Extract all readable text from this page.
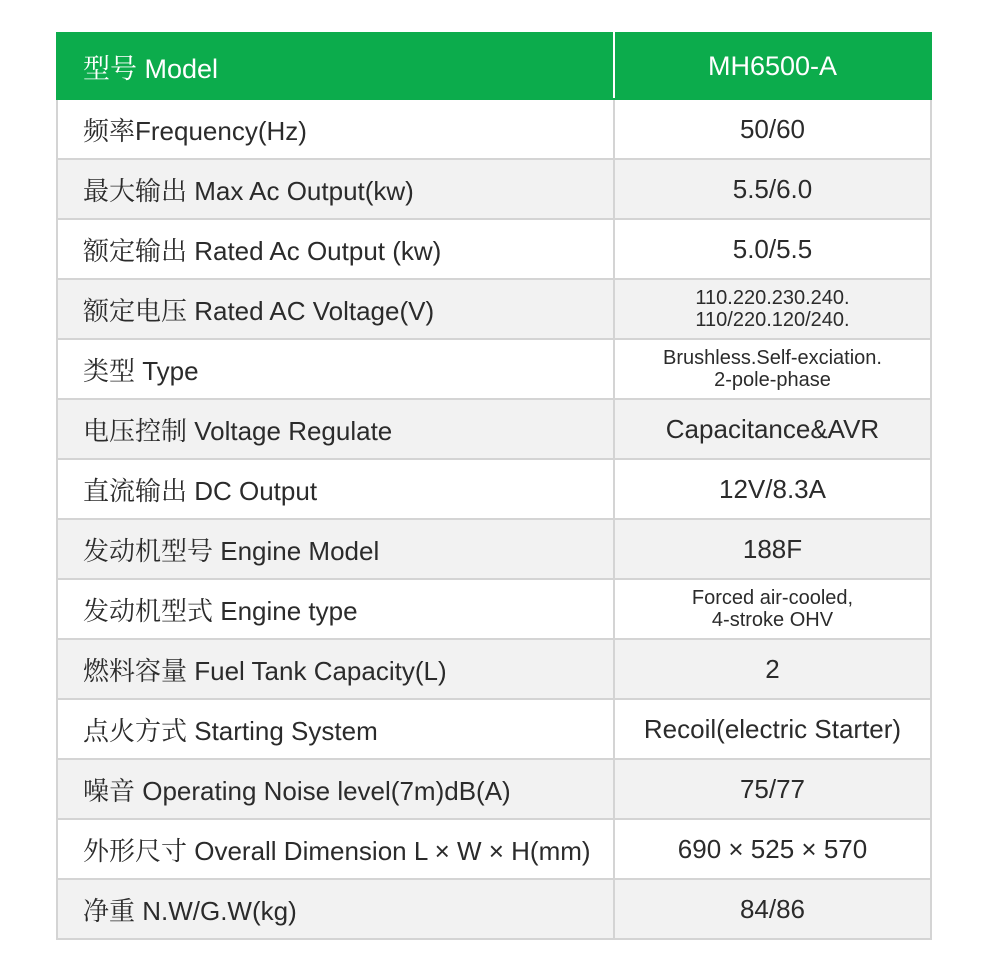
型号 Model	MH6500-A
频率Frequency(Hz)	50/60
最大输出 Max Ac Output(kw)	5.5/6.0
额定输出 Rated Ac Output (kw)	5.0/5.5
额定电压 Rated AC Voltage(V)	110.220.230.240.
110/220.120/240.

类型 Type	Brushless.Self-exciation.
2-pole-phase

电压控制 Voltage Regulate	Capacitance&AVR
直流输出 DC Output	12V/8.3A
发动机型号 Engine Model	188F
发动机型式 Engine type	Forced air-cooled,
4-stroke OHV

燃料容量 Fuel Tank Capacity(L)	2
点火方式 Starting System	Recoil(electric Starter)
噪音 Operating Noise level(7m)dB(A)	75/77
外形尺寸 Overall Dimension L × W × H(mm)	690 × 525 × 570
净重 N.W/G.W(kg)	84/86
